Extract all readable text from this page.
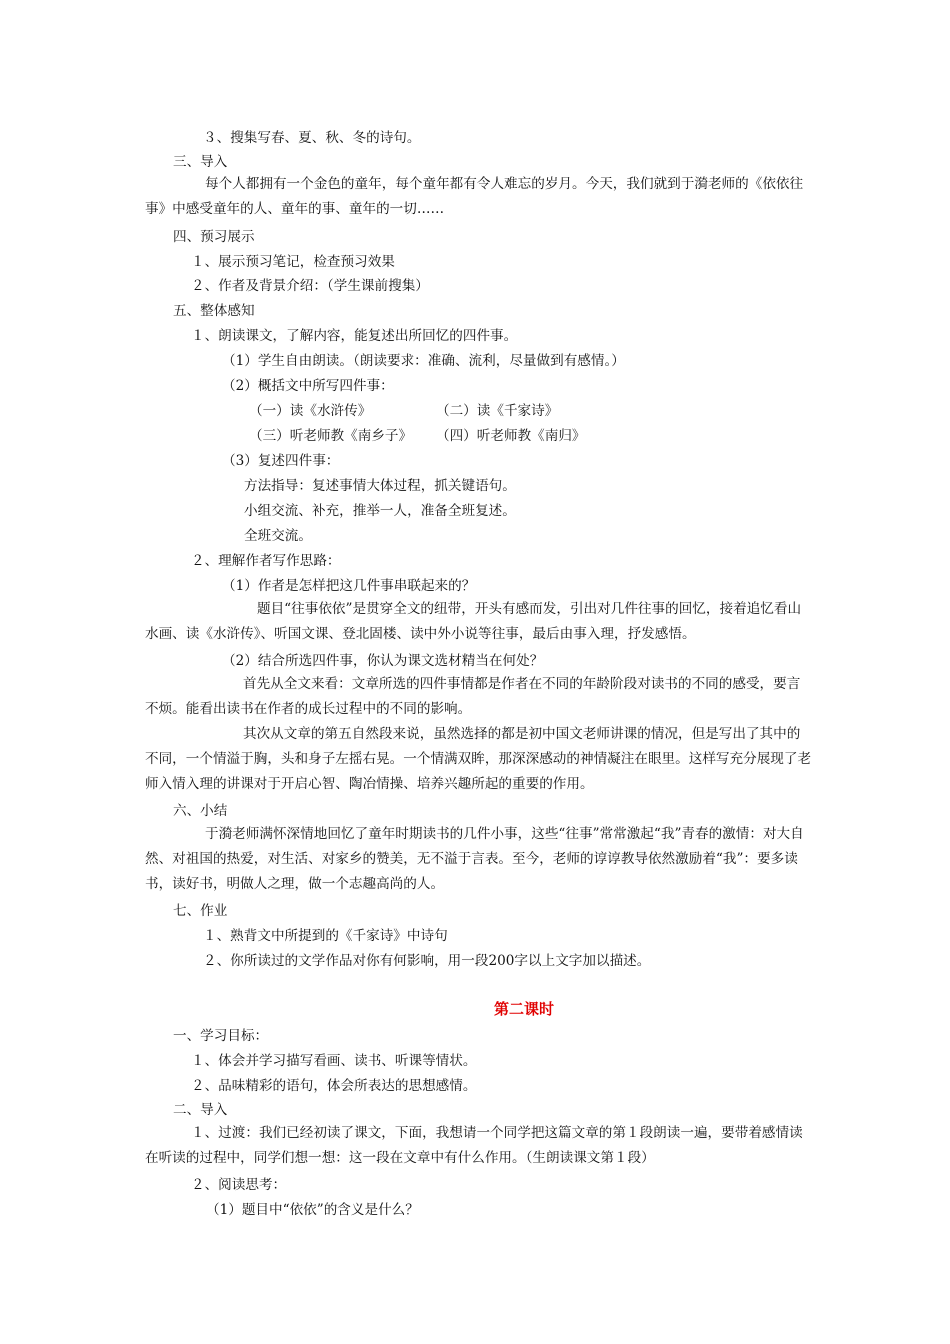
３、搜集写春、夏、秋、冬的诗句。
三、导入
每个人都拥有一个金色的童年，每个童年都有令人难忘的岁月。今天，我们就到于漪老师的《依依往事》中感受童年的人、童年的事、童年的一切……
四、预习展示
１、展示预习笔记，检查预习效果
２、作者及背景介绍：（学生课前搜集）
五、整体感知
１、朗读课文，了解内容，能复述出所回忆的四件事。
（1）学生自由朗读。（朗读要求：准确、流利，尽量做到有感情。）
（2）概括文中所写四件事：
（一）读《水浒传》	（二）读《千家诗》
（三）听老师教《南乡子》 （四）听老师教《南归》
（3）复述四件事：
方法指导：复述事情大体过程，抓关键语句。
小组交流、补充，推举一人，准备全班复述。
全班交流。
２、理解作者写作思路：
（1）作者是怎样把这几件事串联起来的？
题目“往事依依”是贯穿全文的纽带，开头有感而发，引出对几件往事的回忆，接着追忆看山水画、读《水浒传》、听国文课、登北固楼、读中外小说等往事，最后由事入理，抒发感悟。
（2）结合所选四件事，你认为课文选材精当在何处？
首先从全文来看：文章所选的四件事情都是作者在不同的年龄阶段对读书的不同的感受，要言不烦。能看出读书在作者的成长过程中的不同的影响。
其次从文章的第五自然段来说，虽然选择的都是初中国文老师讲课的情况，但是写出了其中的不同，一个情溢于胸，头和身子左摇右晃。一个情满双眸，那深深感动的神情凝注在眼里。这样写充分展现了老师入情入理的讲课对于开启心智、陶冶情操、培养兴趣所起的重要的作用。
六、小结
于漪老师满怀深情地回忆了童年时期读书的几件小事，这些“往事”常常激起“我”青春的激情：对大自然、对祖国的热爱，对生活、对家乡的赞美，无不溢于言表。至今，老师的谆谆教导依然激励着“我”：要多读书，读好书，明做人之理，做一个志趣高尚的人。
七、作业
１、熟背文中所提到的《千家诗》中诗句
２、你所读过的文学作品对你有何影响，用一段200字以上文字加以描述。
第二课时
一、学习目标：
１、体会并学习描写看画、读书、听课等情状。
２、品味精彩的语句，体会所表达的思想感情。
二、导入
１、过渡：我们已经初读了课文，下面，我想请一个同学把这篇文章的第１段朗读一遍，要带着感情读在听读的过程中，同学们想一想：这一段在文章中有什么作用。（生朗读课文第１段）
２、阅读思考：
（1）题目中“依依”的含义是什么？
